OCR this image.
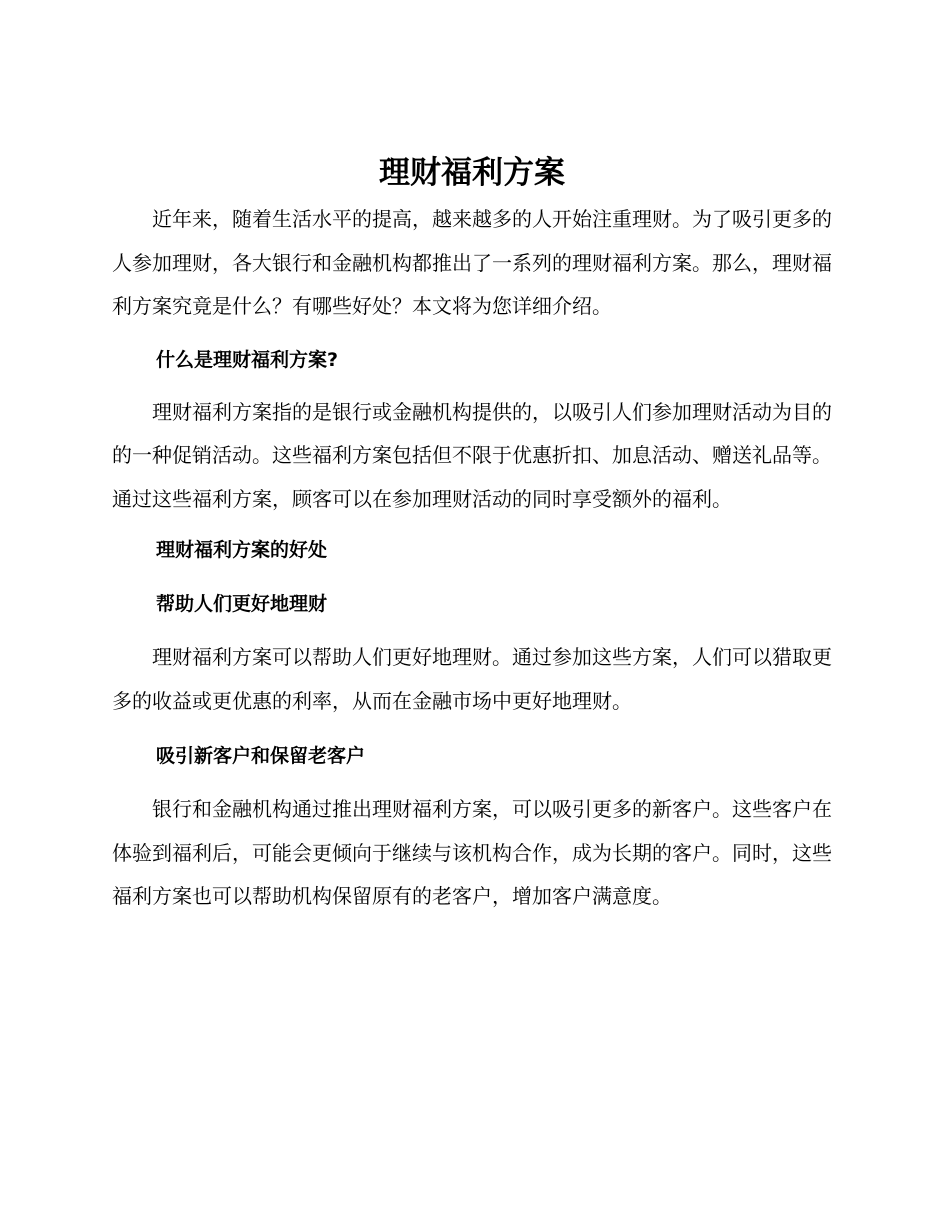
理财福利方案

近年来，随着生活水平的提高，越来越多的人开始注重理财。为了吸引更多的人参加理财，各大银行和金融机构都推出了一系列的理财福利方案。那么，理财福利方案究竟是什么？有哪些好处？本文将为您详细介绍。

什么是理财福利方案?

理财福利方案指的是银行或金融机构提供的，以吸引人们参加理财活动为目的的一种促销活动。这些福利方案包括但不限于优惠折扣、加息活动、赠送礼品等。通过这些福利方案，顾客可以在参加理财活动的同时享受额外的福利。

理财福利方案的好处
帮助人们更好地理财

理财福利方案可以帮助人们更好地理财。通过参加这些方案，人们可以猎取更多的收益或更优惠的利率，从而在金融市场中更好地理财。

吸引新客户和保留老客户

银行和金融机构通过推出理财福利方案，可以吸引更多的新客户。这些客户在体验到福利后，可能会更倾向于继续与该机构合作，成为长期的客户。同时，这些福利方案也可以帮助机构保留原有的老客户，增加客户满意度。
